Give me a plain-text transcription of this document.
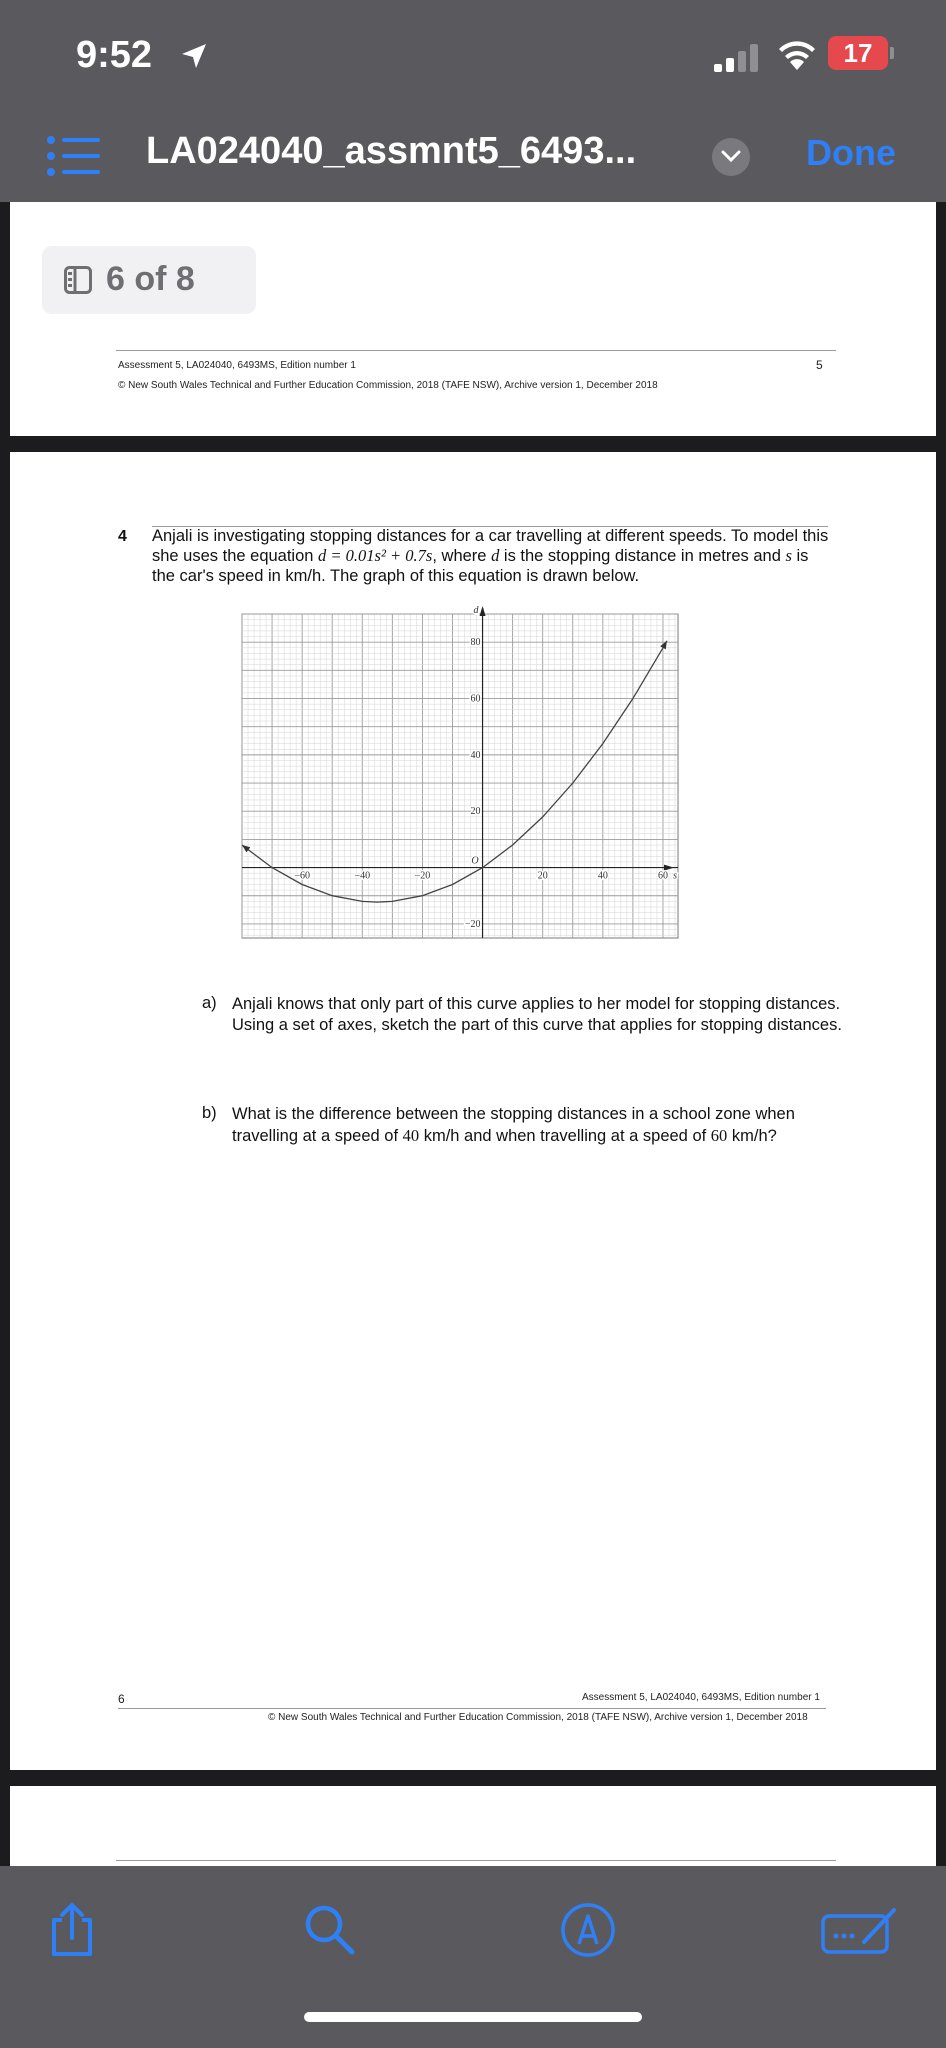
9:52	17
LA024040_assmnt5_6493...	Done
6 of 8
Assessment 5, LA024040, 6493MS, Edition number 1	5
© New South Wales Technical and Further Education Commission, 2018 (TAFE NSW), Archive version 1, December 2018
4 Anjali is investigating stopping distances for a car travelling at different speeds. To model this she uses the equation d = 0.01s² + 0.7s, where d is the stopping distance in metres and s is the car's speed in km/h. The graph of this equation is drawn below.
−60	−40	−20	20	40	60
−20
20
40
60
80
O
d
s
a) Anjali knows that only part of this curve applies to her model for stopping distances. Using a set of axes, sketch the part of this curve that applies for stopping distances.
b) What is the difference between the stopping distances in a school zone when travelling at a speed of 40 km/h and when travelling at a speed of 60 km/h?
6	Assessment 5, LA024040, 6493MS, Edition number 1
© New South Wales Technical and Further Education Commission, 2018 (TAFE NSW), Archive version 1, December 2018
